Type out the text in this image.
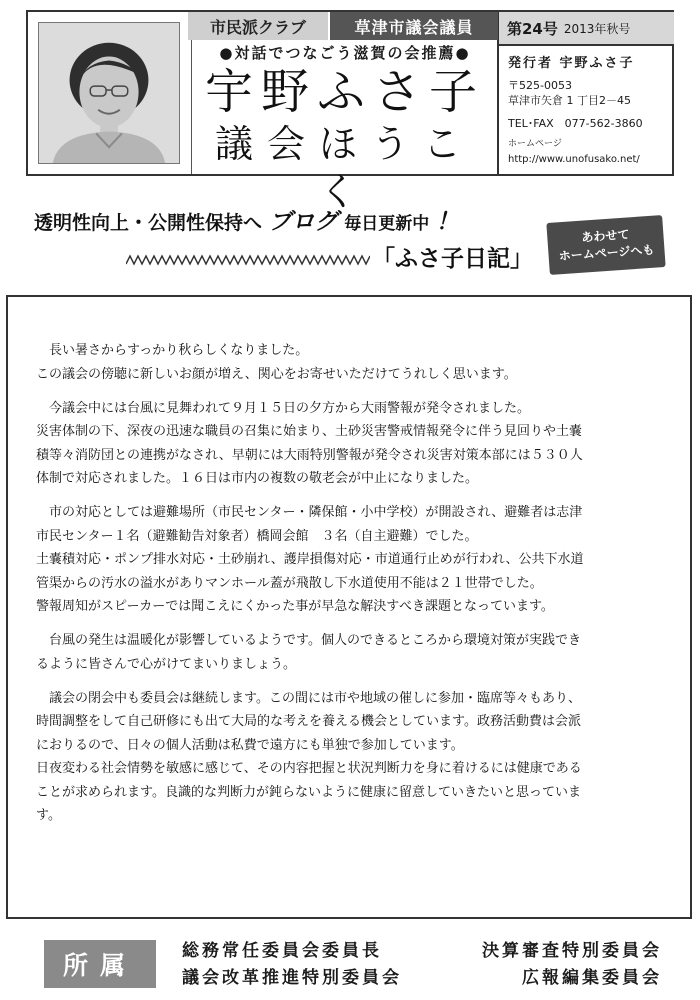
市民派クラブ	草津市議会議員
●対話でつなごう滋賀の会推薦●
宇野ふさ子
議会ほうこく
第24号 2013年秋号
発行者 宇野ふさ子
〒525-0053
草津市矢倉 1 丁目2－45
TEL･FAX　077-562-3860
ホームページ
http://www.unofusako.net/
透明性向上・公開性保持へ ブログ 毎日更新中 ！
「ふさ子日記」
あわせて
ホームページへも

長い暑さからすっかり秋らしくなりました。

この議会の傍聴に新しいお顔が増え、関心をお寄せいただけてうれしく思います。

今議会中には台風に見舞われて９月１５日の夕方から大雨警報が発令されました。

災害体制の下、深夜の迅速な職員の召集に始まり、土砂災害警戒情報発令に伴う見回りや土嚢
積等々消防団との連携がなされ、早朝には大雨特別警報が発令され災害対策本部には５３０人
体制で対応されました。１６日は市内の複数の敬老会が中止になりました。

市の対応としては避難場所（市民センター・隣保館・小中学校）が開設され、避難者は志津
市民センター１名（避難勧告対象者）橋岡会館　３名（自主避難）でした。

土嚢積対応・ポンプ排水対応・土砂崩れ、護岸損傷対応・市道通行止めが行われ、公共下水道
管渠からの汚水の溢水がありマンホール蓋が飛散し下水道使用不能は２１世帯でした。

警報周知がスピーカーでは聞こえにくかった事が早急な解決すべき課題となっています。

台風の発生は温暖化が影響しているようです。個人のできるところから環境対策が実践でき
るように皆さんで心がけてまいりましょう。

議会の閉会中も委員会は継続します。この間には市や地域の催しに参加・臨席等々もあり、
時間調整をして自己研修にも出て大局的な考えを養える機会としています。政務活動費は会派
におりるので、日々の個人活動は私費で遠方にも単独で参加しています。

日夜変わる社会情勢を敏感に感じて、その内容把握と状況判断力を身に着けるには健康である
ことが求められます。良識的な判断力が鈍らないように健康に留意していきたいと思っていま
す。

所属	総務常任委員会委員長	決算審査特別委員会
議会改革推進特別委員会	広報編集委員会
